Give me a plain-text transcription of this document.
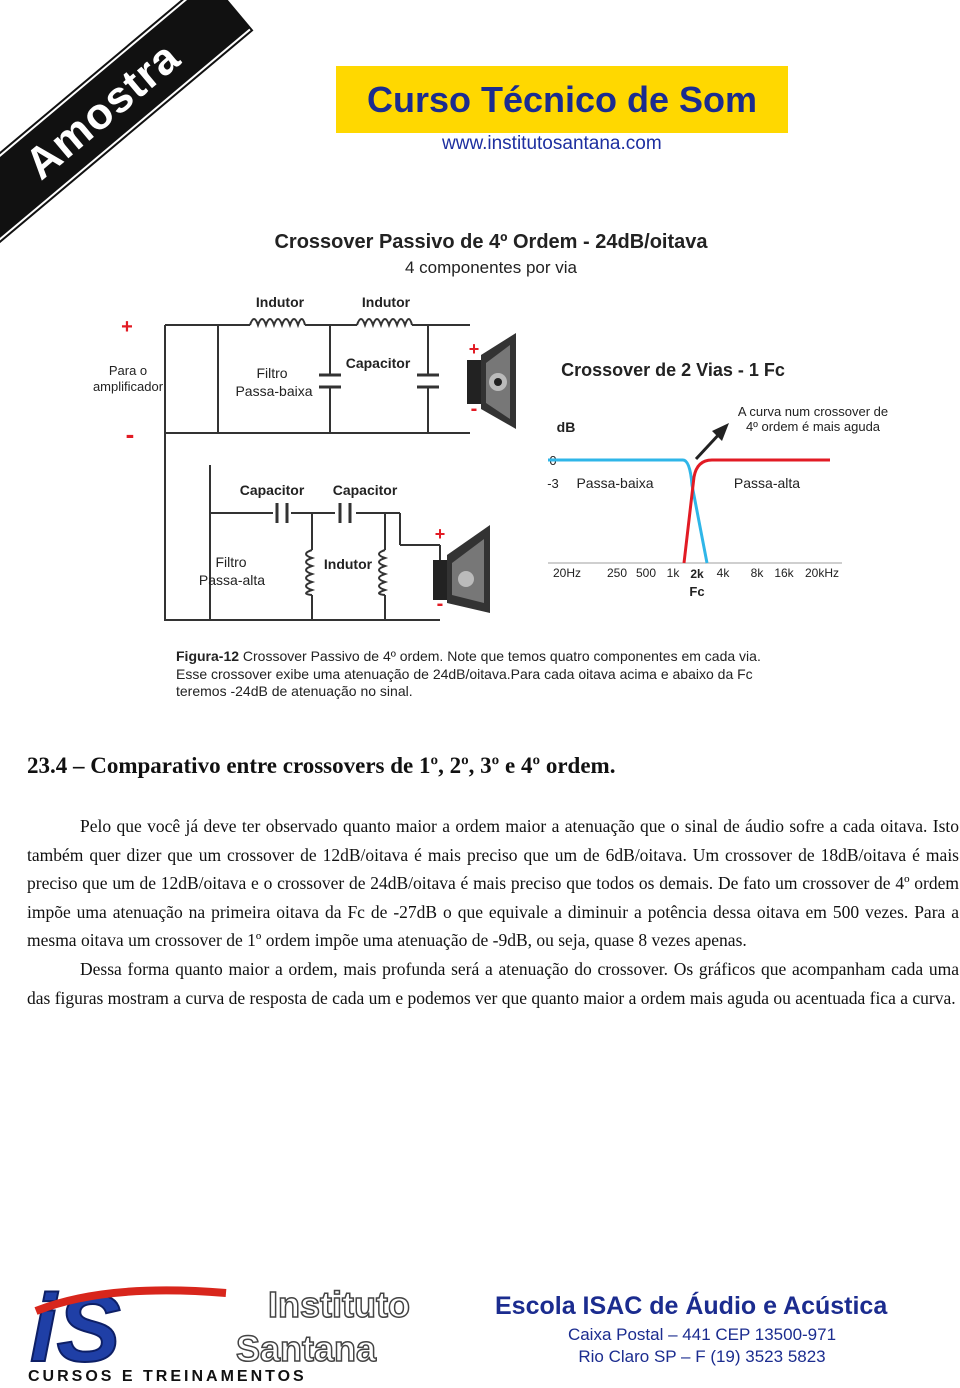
Amostra	Curso Técnico de Som
www.institutosantana.com
Crossover Passivo de 4º Ordem - 24dB/oitava
4 componentes por via
+
-
Para o
amplificador
Indutor	Indutor
Capacitor
Filtro
Passa-baixa
+
-
Capacitor Capacitor
Indutor
Filtro
Passa-alta
+
-
Crossover de 2 Vias - 1 Fc
A curva num crossover de
4º ordem é mais aguda
dB
0
-3 Passa-baixa	Passa-alta
20Hz 250 500 1k 2k 4k 8k 16k 20kHz
Fc
Figura-12 Crossover Passivo de 4º ordem. Note que temos quatro componentes em cada via.
Esse crossover exibe uma atenuação de 24dB/oitava.Para cada oitava acima e abaixo da Fc
teremos -24dB de atenuação no sinal.
23.4 – Comparativo entre crossovers de 1º, 2º, 3º e 4º ordem.

Pelo que você já deve ter observado quanto maior a ordem maior a atenuação que o sinal de áudio sofre a cada oitava. Isto também quer dizer que um crossover de 12dB/oitava é mais preciso que um de 6dB/oitava. Um crossover de 18dB/oitava é mais preciso que um de 12dB/oitava e o crossover de 24dB/oitava é mais preciso que todos os demais. De fato um crossover de 4º ordem impõe uma atenuação na primeira oitava da Fc de -27dB o que equivale a diminuir a potência dessa oitava em 500 vezes. Para a mesma oitava um crossover de 1º ordem impõe uma atenuação de -9dB, ou seja, quase 8 vezes apenas.

Dessa forma quanto maior a ordem, mais profunda será a atenuação do crossover. Os gráficos que acompanham cada uma das figuras mostram a curva de resposta de cada um e podemos ver que quanto maior a ordem mais aguda ou acentuada fica a curva.

iS	Instituto
Santana
CURSOS E TREINAMENTOS
Escola ISAC de Áudio e Acústica
Caixa Postal – 441 CEP 13500-971
Rio Claro SP – F (19) 3523 5823
